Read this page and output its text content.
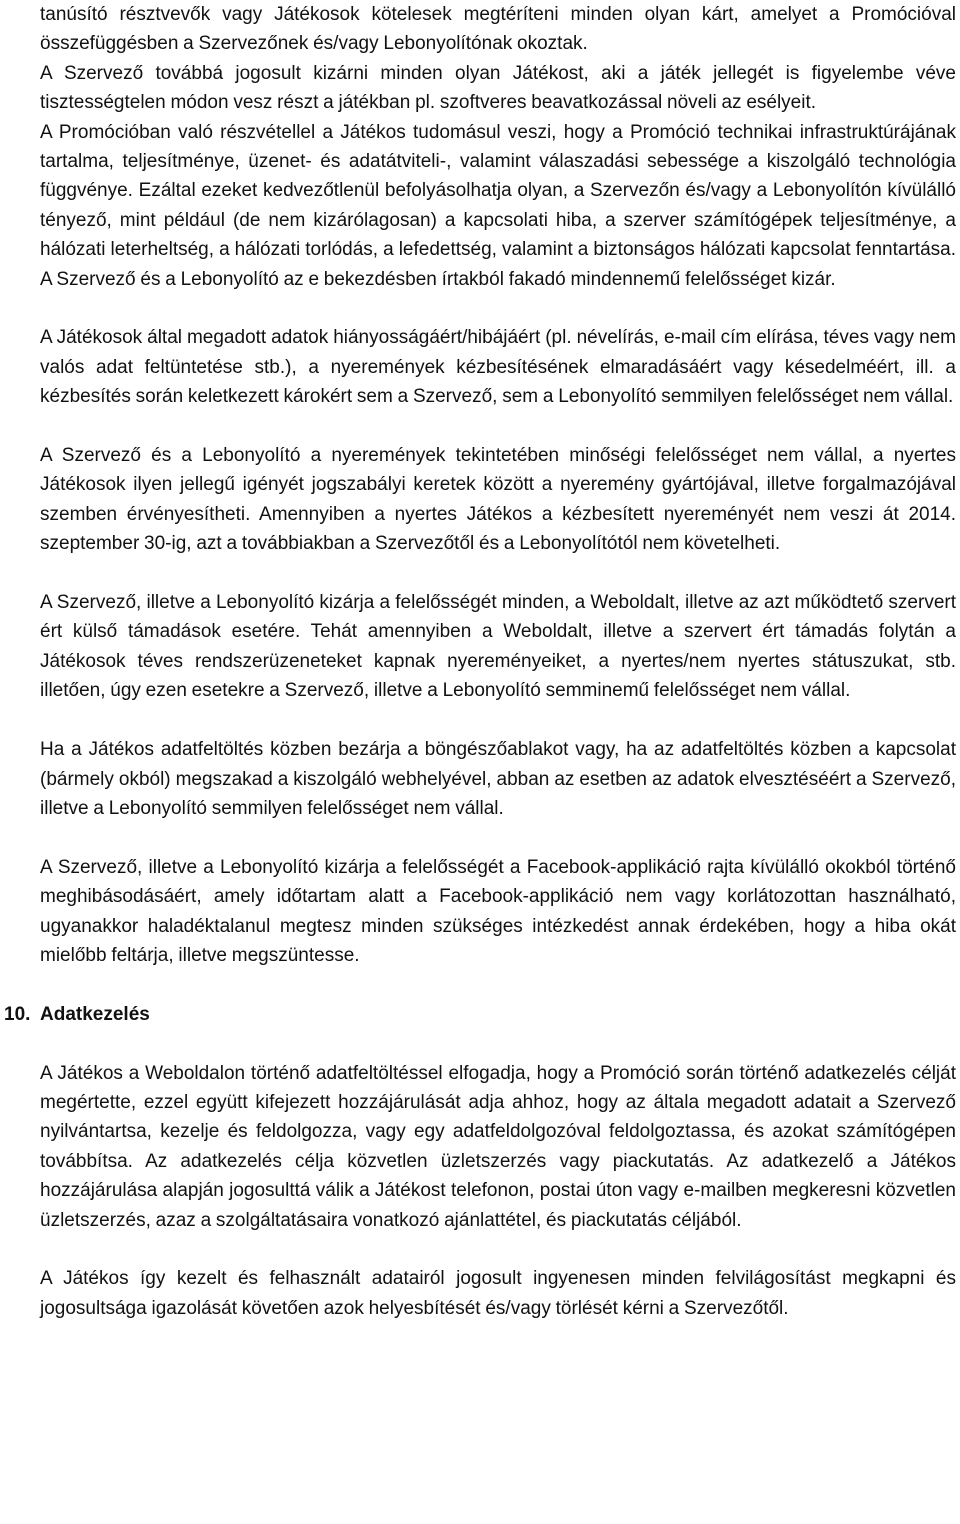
tanúsító résztvevők vagy Játékosok kötelesek megtéríteni minden olyan kárt, amelyet a Promócióval összefüggésben a Szervezőnek és/vagy Lebonyolítónak okoztak.

A Szervező továbbá jogosult kizárni minden olyan Játékost, aki a játék jellegét is figyelembe véve tisztességtelen módon vesz részt a játékban pl. szoftveres beavatkozással növeli az esélyeit.

A Promócióban való részvétellel a Játékos tudomásul veszi, hogy a Promóció technikai infrastruktúrájának tartalma, teljesítménye, üzenet- és adatátviteli-, valamint válaszadási sebessége a kiszolgáló technológia függvénye. Ezáltal ezeket kedvezőtlenül befolyásolhatja olyan, a Szervezőn és/vagy a Lebonyolítón kívülálló tényező, mint például (de nem kizárólagosan) a kapcsolati hiba, a szerver számítógépek teljesítménye, a hálózati leterheltség, a hálózati torlódás, a lefedettség, valamint a biztonságos hálózati kapcsolat fenntartása. A Szervező és a Lebonyolító az e bekezdésben írtakból fakadó mindennemű felelősséget kizár.

A Játékosok által megadott adatok hiányosságáért/hibájáért (pl. névelírás, e-mail cím elírása, téves vagy nem valós adat feltüntetése stb.), a nyeremények kézbesítésének elmaradásáért vagy késedelméért, ill. a kézbesítés során keletkezett károkért sem a Szervező, sem a Lebonyolító semmilyen felelősséget nem vállal.

A Szervező és a Lebonyolító a nyeremények tekintetében minőségi felelősséget nem vállal, a nyertes Játékosok ilyen jellegű igényét jogszabályi keretek között a nyeremény gyártójával, illetve forgalmazójával szemben érvényesítheti. Amennyiben a nyertes Játékos a kézbesített nyereményét nem veszi át 2014. szeptember 30-ig, azt a továbbiakban a Szervezőtől és a Lebonyolítótól nem követelheti.

A Szervező, illetve a Lebonyolító kizárja a felelősségét minden, a Weboldalt, illetve az azt működtető szervert ért külső támadások esetére. Tehát amennyiben a Weboldalt, illetve a szervert ért támadás folytán a Játékosok téves rendszerüzeneteket kapnak nyereményeiket, a nyertes/nem nyertes státuszukat, stb. illetően, úgy ezen esetekre a Szervező, illetve a Lebonyolító semminemű felelősséget nem vállal.

Ha a Játékos adatfeltöltés közben bezárja a böngészőablakot vagy, ha az adatfeltöltés közben a kapcsolat (bármely okból) megszakad a kiszolgáló webhelyével, abban az esetben az adatok elvesztéséért a Szervező, illetve a Lebonyolító semmilyen felelősséget nem vállal.

A Szervező, illetve a Lebonyolító kizárja a felelősségét a Facebook-applikáció rajta kívülálló okokból történő meghibásodásáért, amely időtartam alatt a Facebook-applikáció nem vagy korlátozottan használható, ugyanakkor haladéktalanul megtesz minden szükséges intézkedést annak érdekében, hogy a hiba okát mielőbb feltárja, illetve megszüntesse.

10. Adatkezelés

A Játékos a Weboldalon történő adatfeltöltéssel elfogadja, hogy a Promóció során történő adatkezelés célját megértette, ezzel együtt kifejezett hozzájárulását adja ahhoz, hogy az általa megadott adatait a Szervező nyilvántartsa, kezelje és feldolgozza, vagy egy adatfeldolgozóval feldolgoztassa, és azokat számítógépen továbbítsa. Az adatkezelés célja közvetlen üzletszerzés vagy piackutatás. Az adatkezelő a Játékos hozzájárulása alapján jogosulttá válik a Játékost telefonon, postai úton vagy e-mailben megkeresni közvetlen üzletszerzés, azaz a szolgáltatásaira vonatkozó ajánlattétel, és piackutatás céljából.

A Játékos így kezelt és felhasznált adatairól jogosult ingyenesen minden felvilágosítást megkapni és jogosultsága igazolását követően azok helyesbítését és/vagy törlését kérni a Szervezőtől.
